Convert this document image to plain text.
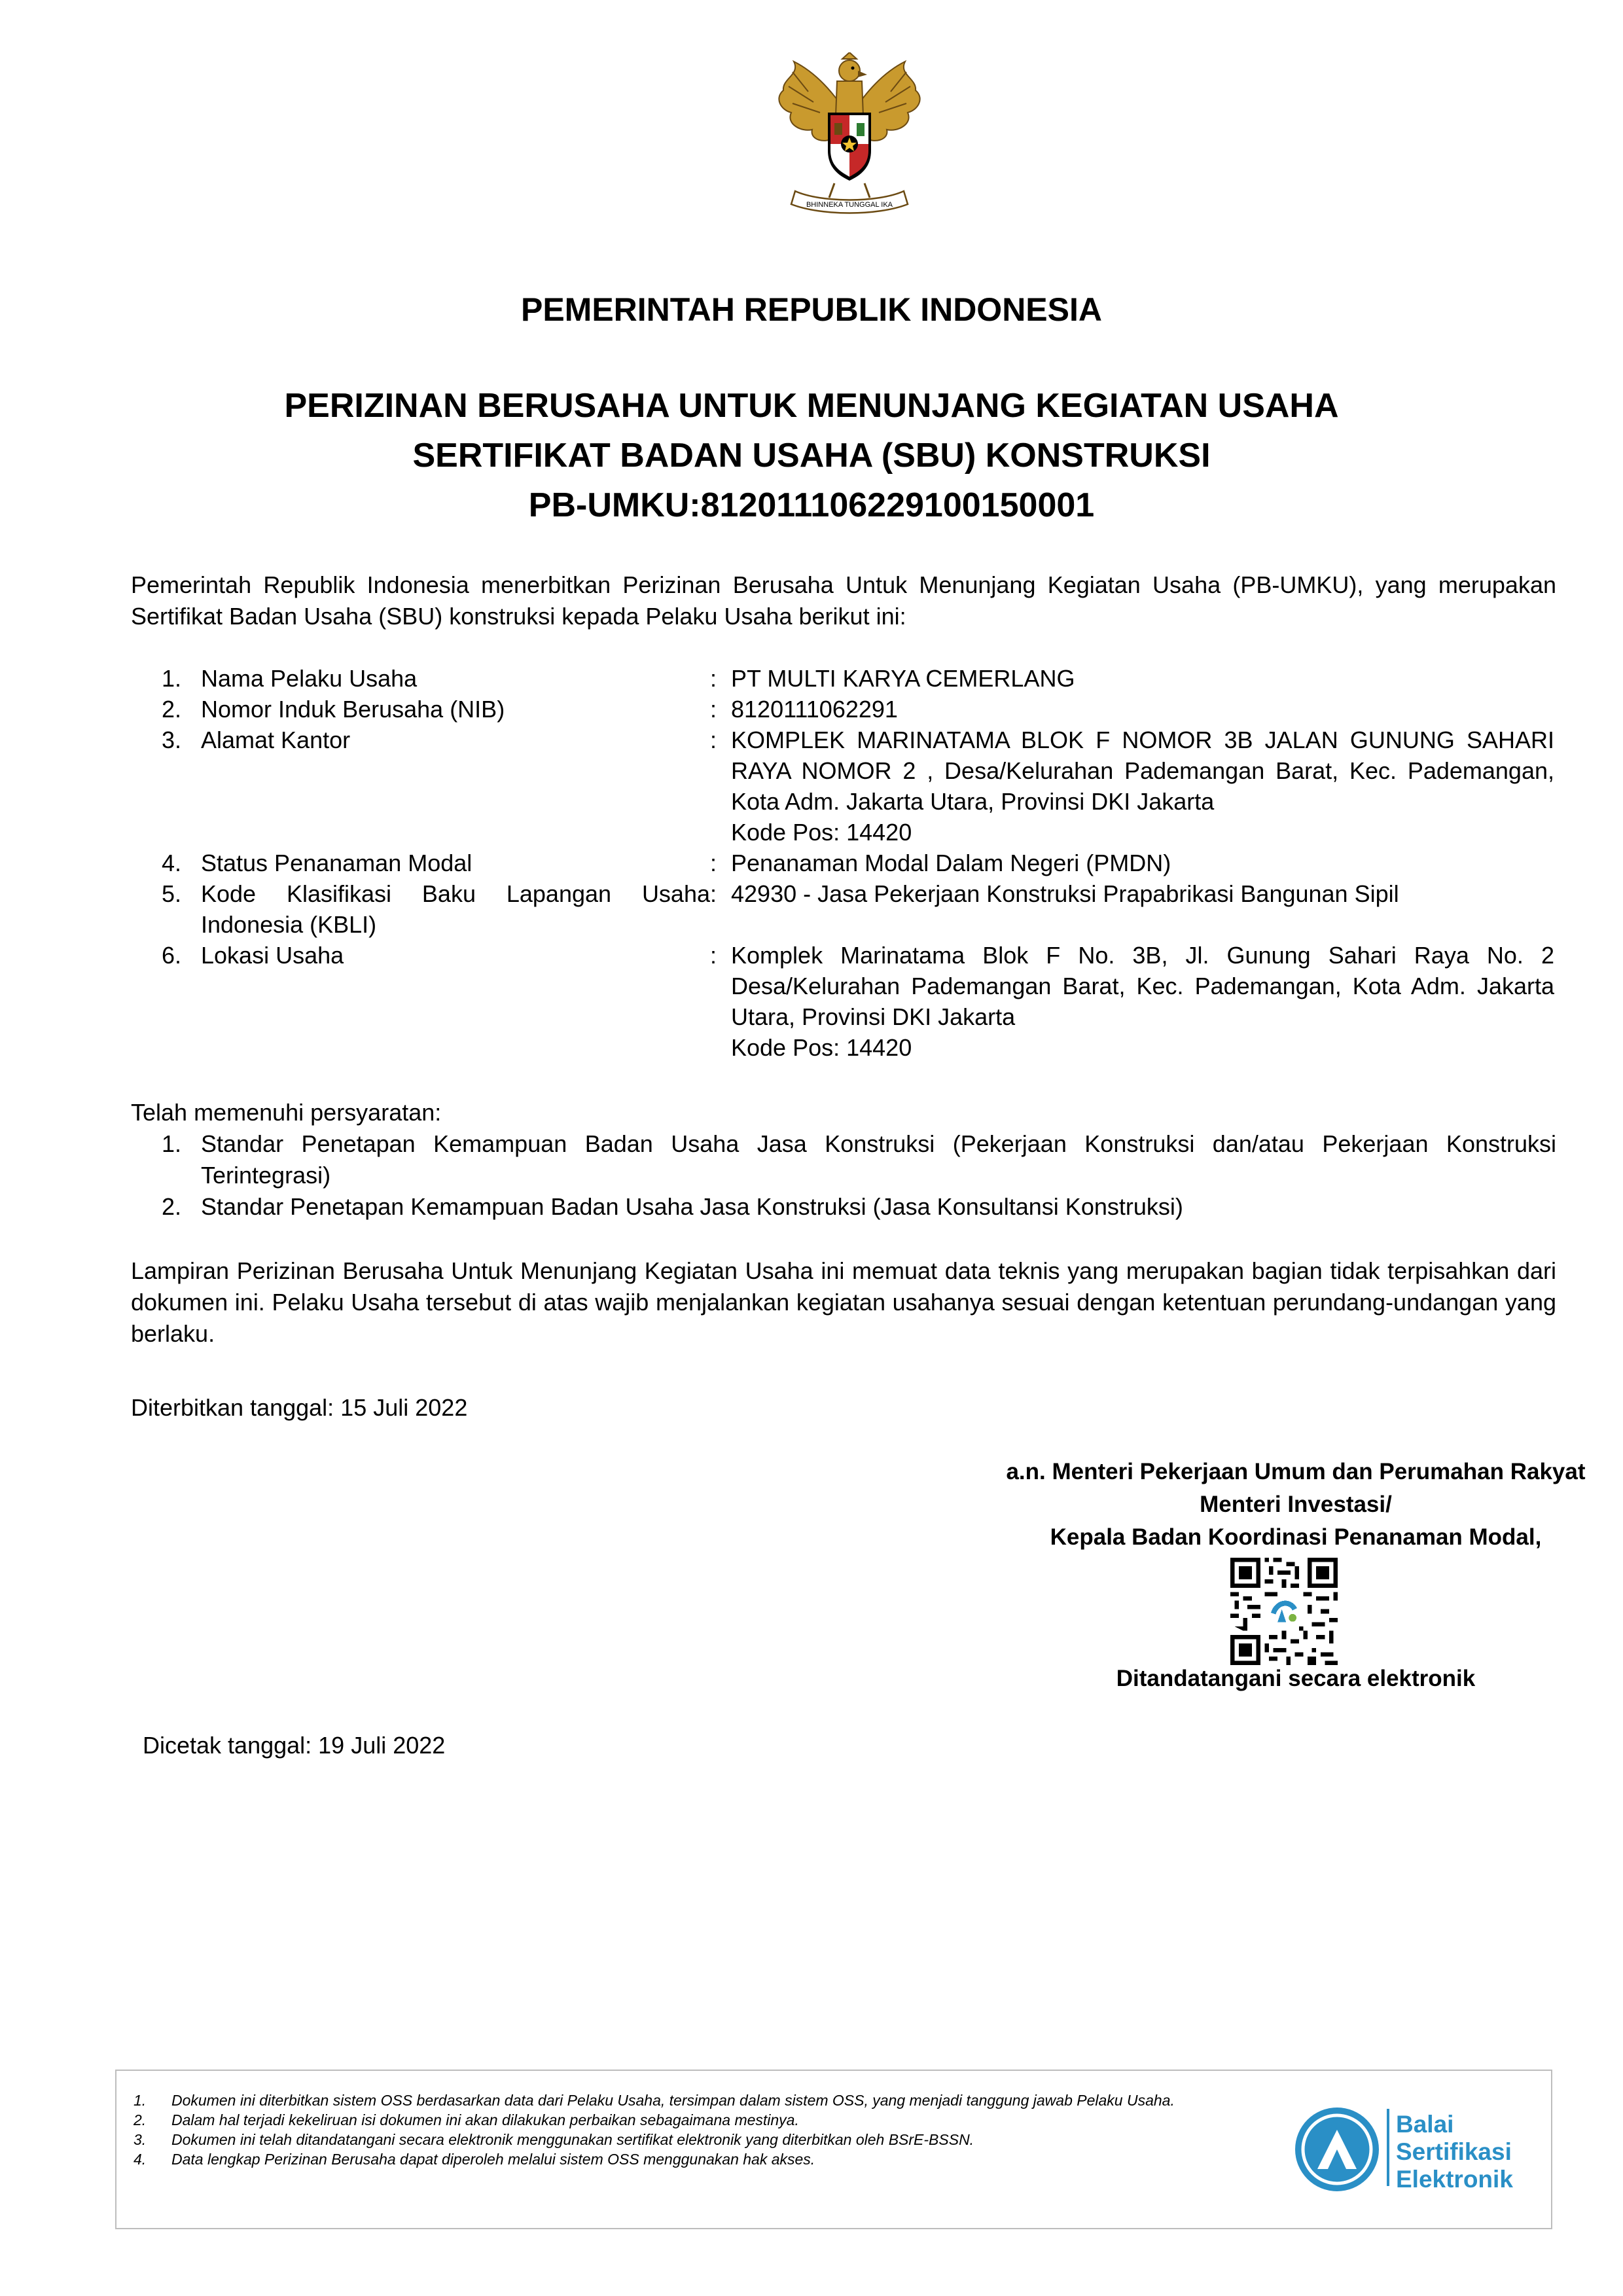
BHINNEKA TUNGGAL IKA
PEMERINTAH REPUBLIK INDONESIA
PERIZINAN BERUSAHA UNTUK MENUNJANG KEGIATAN USAHA
SERTIFIKAT BADAN USAHA (SBU) KONSTRUKSI
PB-UMKU:812011106229100150001

Pemerintah Republik Indonesia menerbitkan Perizinan Berusaha Untuk Menunjang Kegiatan Usaha (PB-UMKU), yang merupakan Sertifikat Badan Usaha (SBU) konstruksi kepada Pelaku Usaha berikut ini:

1. Nama Pelaku Usaha	: PT MULTI KARYA CEMERLANG
2. Nomor Induk Berusaha (NIB)	: 8120111062291
3. Alamat Kantor	: KOMPLEK MARINATAMA BLOK F NOMOR 3B JALAN GUNUNG SAHARI RAYA NOMOR 2 , Desa/Kelurahan Pademangan Barat, Kec. Pademangan, Kota Adm. Jakarta Utara, Provinsi DKI Jakarta
Kode Pos: 14420
4. Status Penanaman Modal	: Penanaman Modal Dalam Negeri (PMDN)
5. Kode Klasifikasi Baku Lapangan Usaha
Indonesia (KBLI)
: 42930 - Jasa Pekerjaan Konstruksi Prapabrikasi Bangunan Sipil
6. Lokasi Usaha	: Komplek Marinatama Blok F No. 3B, Jl. Gunung Sahari Raya No. 2 Desa/Kelurahan Pademangan Barat, Kec. Pademangan, Kota Adm. Jakarta Utara, Provinsi DKI Jakarta
Kode Pos: 14420
Telah memenuhi persyaratan:
1. Standar Penetapan Kemampuan Badan Usaha Jasa Konstruksi (Pekerjaan Konstruksi dan/atau Pekerjaan Konstruksi Terintegrasi)
2. Standar Penetapan Kemampuan Badan Usaha Jasa Konstruksi (Jasa Konsultansi Konstruksi)

Lampiran Perizinan Berusaha Untuk Menunjang Kegiatan Usaha ini memuat data teknis yang merupakan bagian tidak terpisahkan dari dokumen ini. Pelaku Usaha tersebut di atas wajib menjalankan kegiatan usahanya sesuai dengan ketentuan perundang-undangan yang berlaku.

Diterbitkan tanggal: 15 Juli 2022
a.n. Menteri Pekerjaan Umum dan Perumahan Rakyat
Menteri Investasi/
Kepala Badan Koordinasi Penanaman Modal,
Ditandatangani secara elektronik
Dicetak tanggal: 19 Juli 2022
1. Dokumen ini diterbitkan sistem OSS berdasarkan data dari Pelaku Usaha, tersimpan dalam sistem OSS, yang menjadi tanggung jawab Pelaku Usaha.
2. Dalam hal terjadi kekeliruan isi dokumen ini akan dilakukan perbaikan sebagaimana mestinya.
3. Dokumen ini telah ditandatangani secara elektronik menggunakan sertifikat elektronik yang diterbitkan oleh BSrE-BSSN.
4. Data lengkap Perizinan Berusaha dapat diperoleh melalui sistem OSS menggunakan hak akses.
Balai
Sertifikasi
Elektronik
